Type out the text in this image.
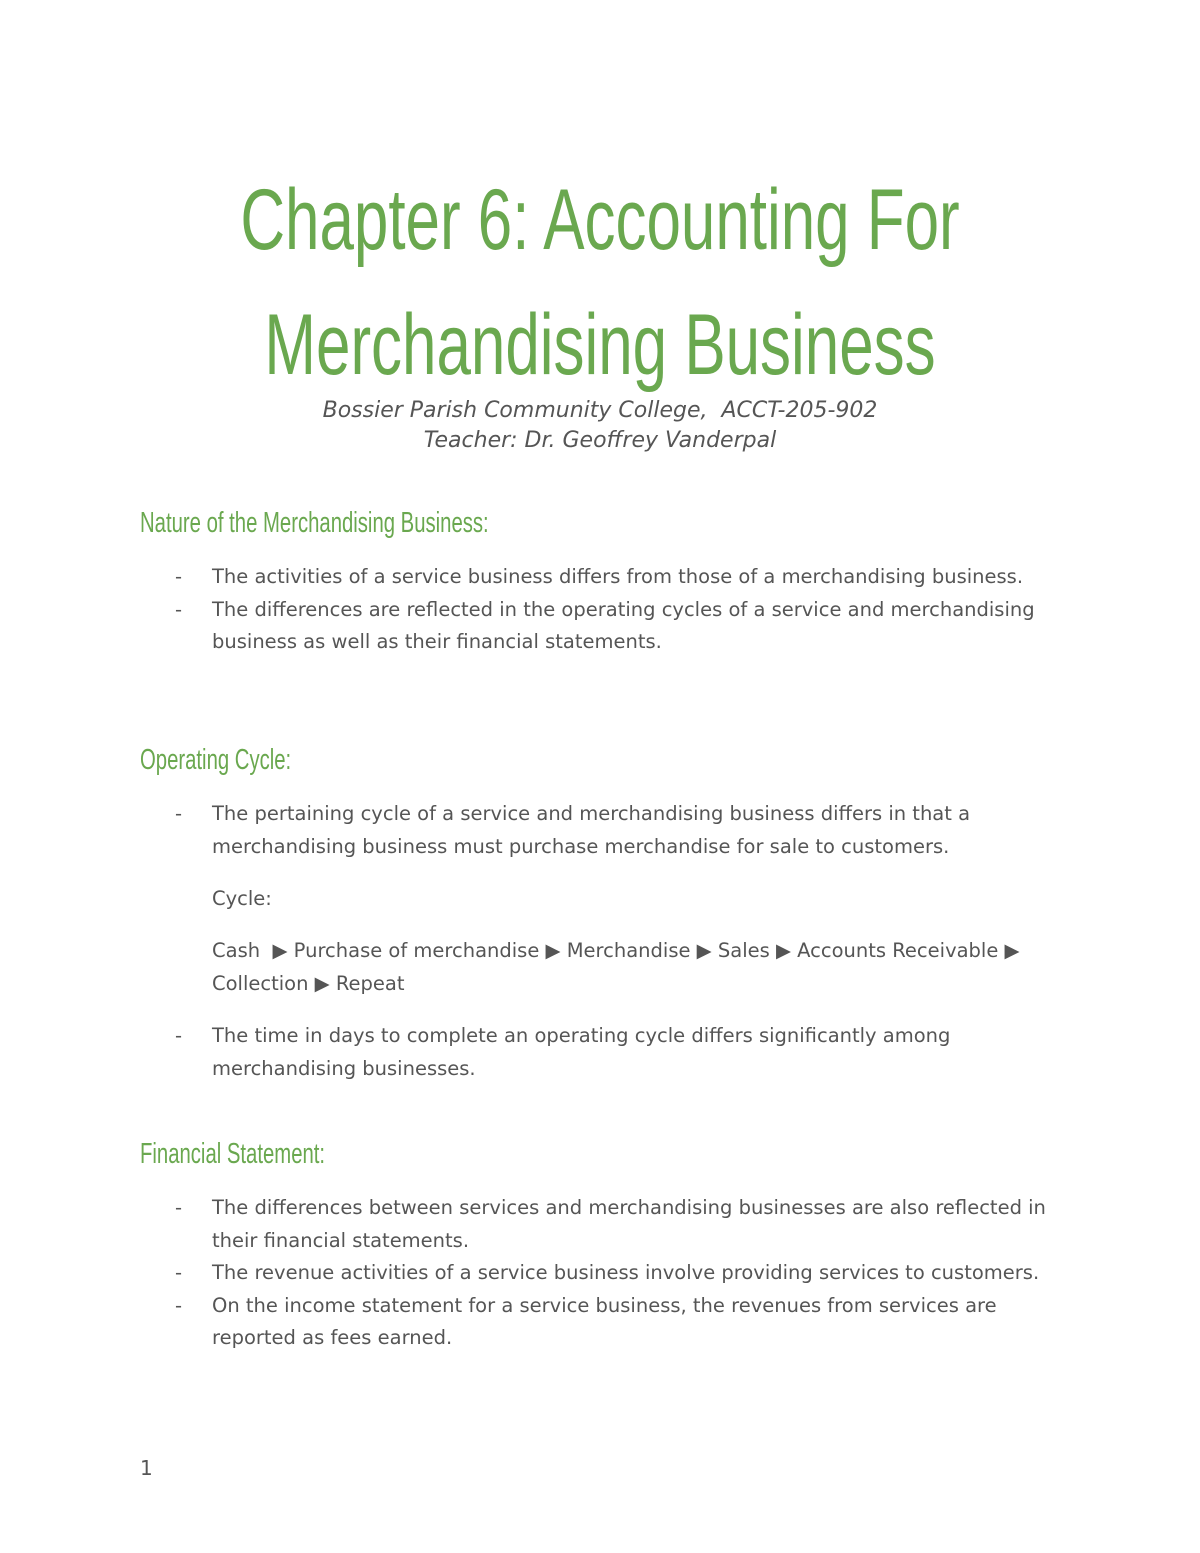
Chapter 6: Accounting For
Merchandising Business
Bossier Parish Community College,  ACCT-205-902
Teacher: Dr. Geoffrey Vanderpal
Nature of the Merchandising Business:
- The activities of a service business differs from those of a merchandising business.
- The differences are reflected in the operating cycles of a service and merchandising business as well as their financial statements.
Operating Cycle:
- The pertaining cycle of a service and merchandising business differs in that a merchandising business must purchase merchandise for sale to customers.
Cycle:
Cash  ▶ Purchase of merchandise ▶ Merchandise ▶ Sales ▶ Accounts Receivable ▶ Collection ▶ Repeat
- The time in days to complete an operating cycle differs significantly among merchandising businesses.
Financial Statement:
- The differences between services and merchandising businesses are also reflected in their financial statements.
- The revenue activities of a service business involve providing services to customers.
- On the income statement for a service business, the revenues from services are reported as fees earned.
1
